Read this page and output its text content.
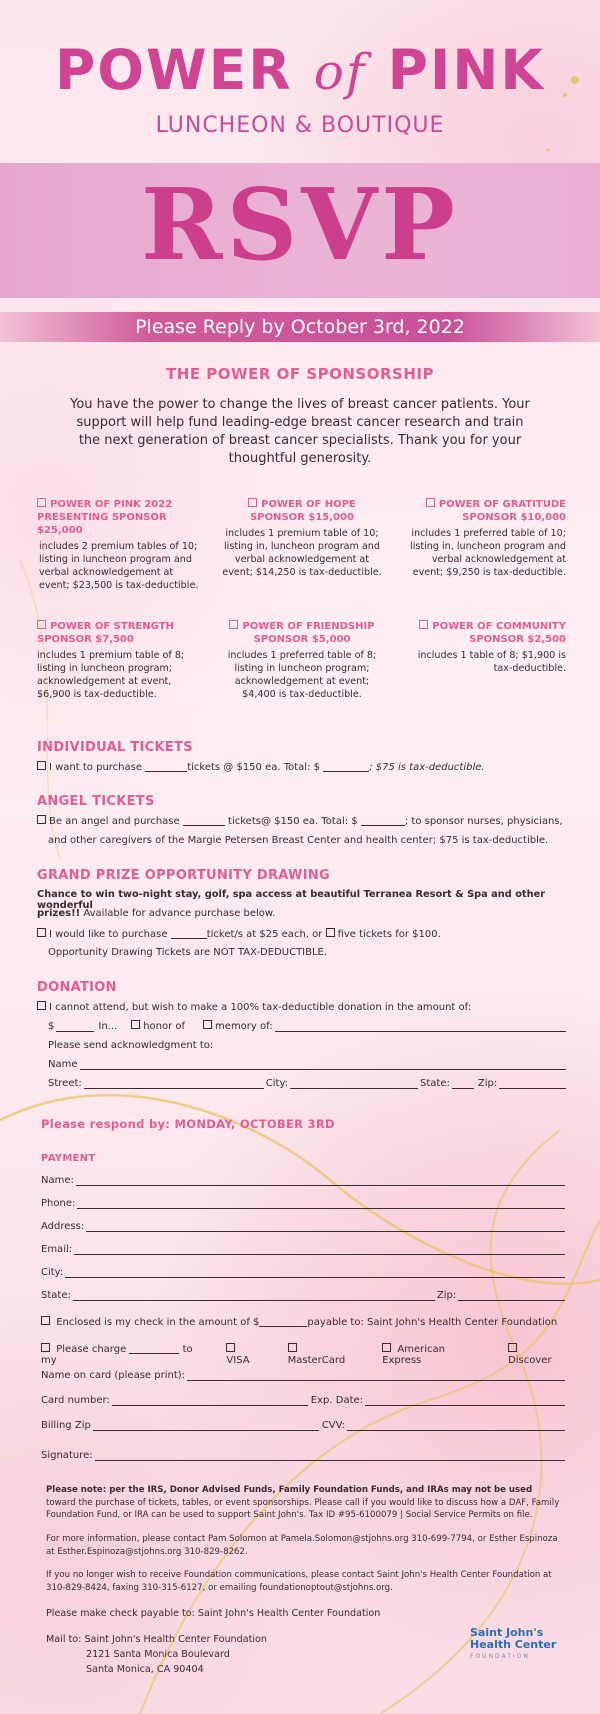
POWER of PINK
LUNCHEON & BOUTIQUE
RSVP
Please Reply by October 3rd, 2022
THE POWER OF SPONSORSHIP
You have the power to change the lives of breast cancer patients. Your support will help fund leading-edge breast cancer research and train the next generation of breast cancer specialists. Thank you for your thoughtful generosity.
POWER OF PINK 2022
PRESENTING SPONSOR $25,000
includes 2 premium tables of 10; listing in luncheon program and verbal acknowledgement at event; $23,500 is tax-deductible.
POWER OF HOPE
SPONSOR $15,000
includes 1 premium table of 10; listing in, luncheon program and verbal acknowledgement at event; $14,250 is tax-deductible.
POWER OF GRATITUDE
SPONSOR $10,000
includes 1 preferred table of 10; listing in, luncheon program and verbal acknowledgement at event; $9,250 is tax-deductible.
POWER OF STRENGTH
SPONSOR $7,500
includes 1 premium table of 8; listing in luncheon program; acknowledgement at event, $6,900 is tax-deductible.
POWER OF FRIENDSHIP
SPONSOR $5,000
includes 1 preferred table of 8; listing in luncheon program; acknowledgement at event; $4,400 is tax-deductible.
POWER OF COMMUNITY
SPONSOR $2,500
includes 1 table of 8; $1,900 is tax-deductible.
INDIVIDUAL TICKETS
I want to purchase	tickets @ $150 ea. Total: $	; $75 is tax-deductible.
ANGEL TICKETS
Be an angel and purchase	tickets@ $150 ea. Total: $	; to sponsor nurses, physicians,
and other caregivers of the Margie Petersen Breast Center and health center; $75 is tax-deductible.
GRAND PRIZE OPPORTUNITY DRAWING
Chance to win two-night stay, golf, spa access at beautiful Terranea Resort & Spa and other wonderful
prizes!! Available for advance purchase below.
I would like to purchase	ticket/s at $25 each, or five tickets for $100.
Opportunity Drawing Tickets are NOT TAX-DEDUCTIBLE.
DONATION
I cannot attend, but wish to make a 100% tax-deductible donation in the amount of:
$	In...	honor of	memory of:
Please send acknowledgment to:
Name
Street:	City:	State:	Zip:
Please respond by: MONDAY, OCTOBER 3RD
PAYMENT
Name:
Phone:
Address:
Email:
City:
State:	Zip:
Enclosed is my check in the amount of $	payable to: Saint John's Health Center Foundation
Please charge	to my	VISA	MasterCard
American Express	Discover
Name on card (please print):
Card number:	Exp. Date:
Billing Zip	CVV:
Signature:
Please note: per the IRS, Donor Advised Funds, Family Foundation Funds, and IRAs may not be used toward the purchase of tickets, tables, or event sponsorships. Please call if you would like to discuss how a DAF, Family Foundation Fund, or IRA can be used to support Saint John's. Tax ID #95-6100079 | Social Service Permits on file.
For more information, please contact Pam Solomon at Pamela.Solomon@stjohns.org 310-699-7794, or Esther Espinoza at Esther.Espinoza@stjohns.org 310-829-8262.
If you no longer wish to receive Foundation communications, please contact Saint John's Health Center Foundation at 310-829-8424, faxing 310-315-6127, or emailing foundationoptout@stjohns.org.
Please make check payable to: Saint John's Health Center Foundation
Mail to: Saint John's Health Center Foundation
2121 Santa Monica Boulevard
Santa Monica, CA 90404
Saint John's
Health Center
FOUNDATION
